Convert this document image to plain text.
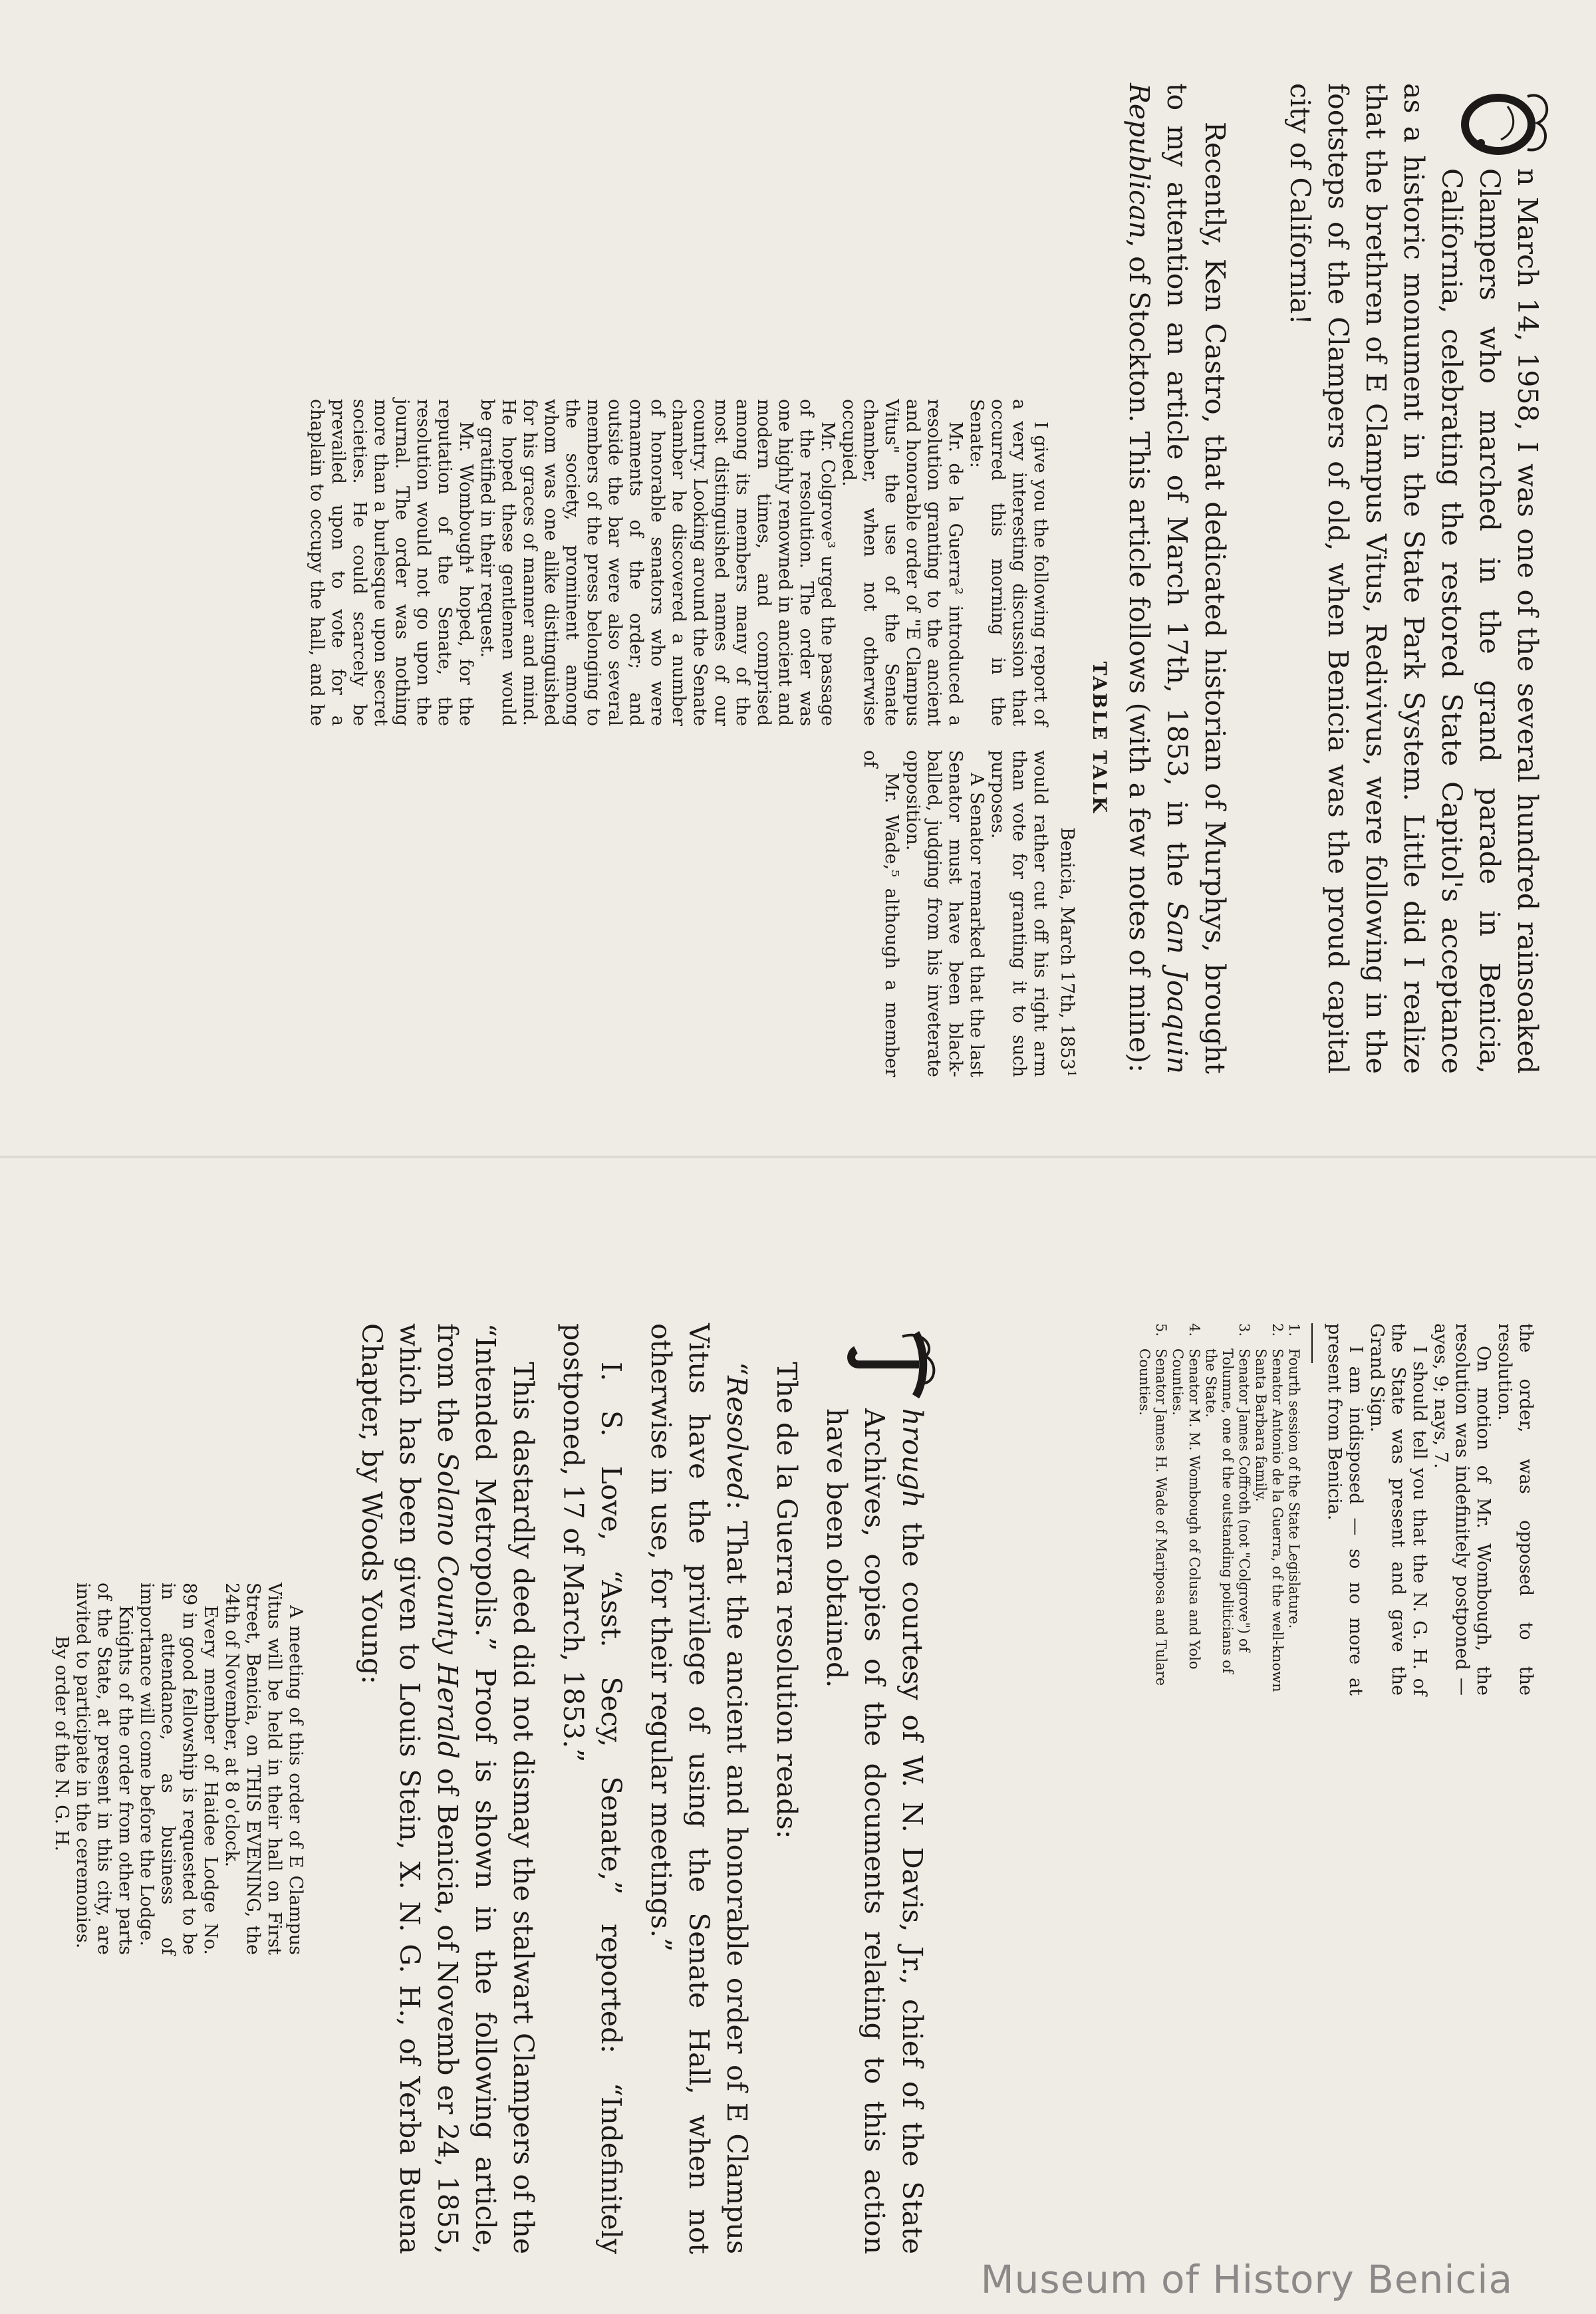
n March 14, 1958, I was one of the several hundred rainsoaked Clampers who marched in the grand parade in Benicia, California, celebrating the restored State Capitol's acceptance as a historic monument in the State Park System. Little did I realize that the brethren of E Clampus Vitus, Redivivus, were following in the footsteps of the Clampers of old, when Benicia was the proud capital city of California!

Recently, Ken Castro, that dedicated historian of Murphys, brought to my attention an article of March 17th, 1853, in the San Joaquin Republican, of Stockton. This article follows (with a few notes of mine):

TABLE TALK
Benicia, March 17th, 1853$^1$

I give you the following report of a very interesting discussion that occurred this morning in the Senate:

Mr. de la Guerra² introduced a resolution granting to the ancient and honorable order of "E Clampus Vitus" the use of the Senate chamber, when not otherwise occupied.

Mr. Colgrove³ urged the passage of the resolution. The order was one highly renowned in ancient and modern times, and comprised among its members many of the most distinguished names of our country. Looking around the Senate chamber he discovered a number of honorable senators who were ornaments of the order; and outside the bar were also several members of the press belonging to the society, prominent among whom was one alike distinguished for his graces of manner and mind. He hoped these gentlemen would be gratified in their request.

Mr. Wombough⁴ hoped, for the reputation of the Senate, the resolution would not go upon the journal. The order was nothing more than a burlesque upon secret societies. He could scarcely be prevailed upon to vote for a chaplain to occupy the hall, and he would rather cut off his right arm than vote for granting it to such purposes.

A Senator remarked that the last Senator must have been black-balled, judging from his inveterate opposition.

Mr. Wade,⁵ although a member of

the order, was opposed to the resolution.

On motion of Mr. Wombough, the resolution was indefinitely postponed — ayes, 9; nays, 7.

I should tell you that the N. G. H. of the State was present and gave the Grand Sign.

I am indisposed — so no more at present from Benicia.

1.
Fourth session of the State Legislature.
2.
Senator Antonio de la Guerra, of the well-known Santa Barbara family.
3.
Senator James Coffroth (not "Colgrove") of Tolumne, one of the outstanding politicians of the State.
4.
Senator M. M. Wombough of Colusa and Yolo Counties.
5.
Senator James H. Wade of Mariposa and Tulare Counties.

hrough the courtesy of W. N. Davis, Jr., chief of the State Archives, copies of the documents relating to this action have been obtained.

The de la Guerra resolution reads:

“Resolved: That the ancient and honorable order of E Clampus Vitus have the privilege of using the Senate Hall, when not otherwise in use, for their regular meetings.”

I. S. Love, “Asst. Secy, Senate,” reported: “Indefinitely postponed, 17 of March, 1853.”

This dastardly deed did not dismay the stalwart Clampers of the “Intended Metropolis.” Proof is shown in the following article, from the Solano County Herald of Benicia, of Novemb er 24, 1855, which has been given to Louis Stein, X. N. G. H., of Yerba Buena Chapter, by Woods Young:

A meeting of this order of E Clampus Vitus will be held in their hall on First Street, Benicia, on THIS EVENING, the 24th of November, at 8 o'clock.

Every member of Haidee Lodge No. 89 in good fellowship is requested to be in attendance, as business of importance will come before the Lodge.

Knights of the order from other parts of the State, at present in this city, are invited to participate in the ceremonies.

By order of the N. G. H.

Museum of History Benicia
